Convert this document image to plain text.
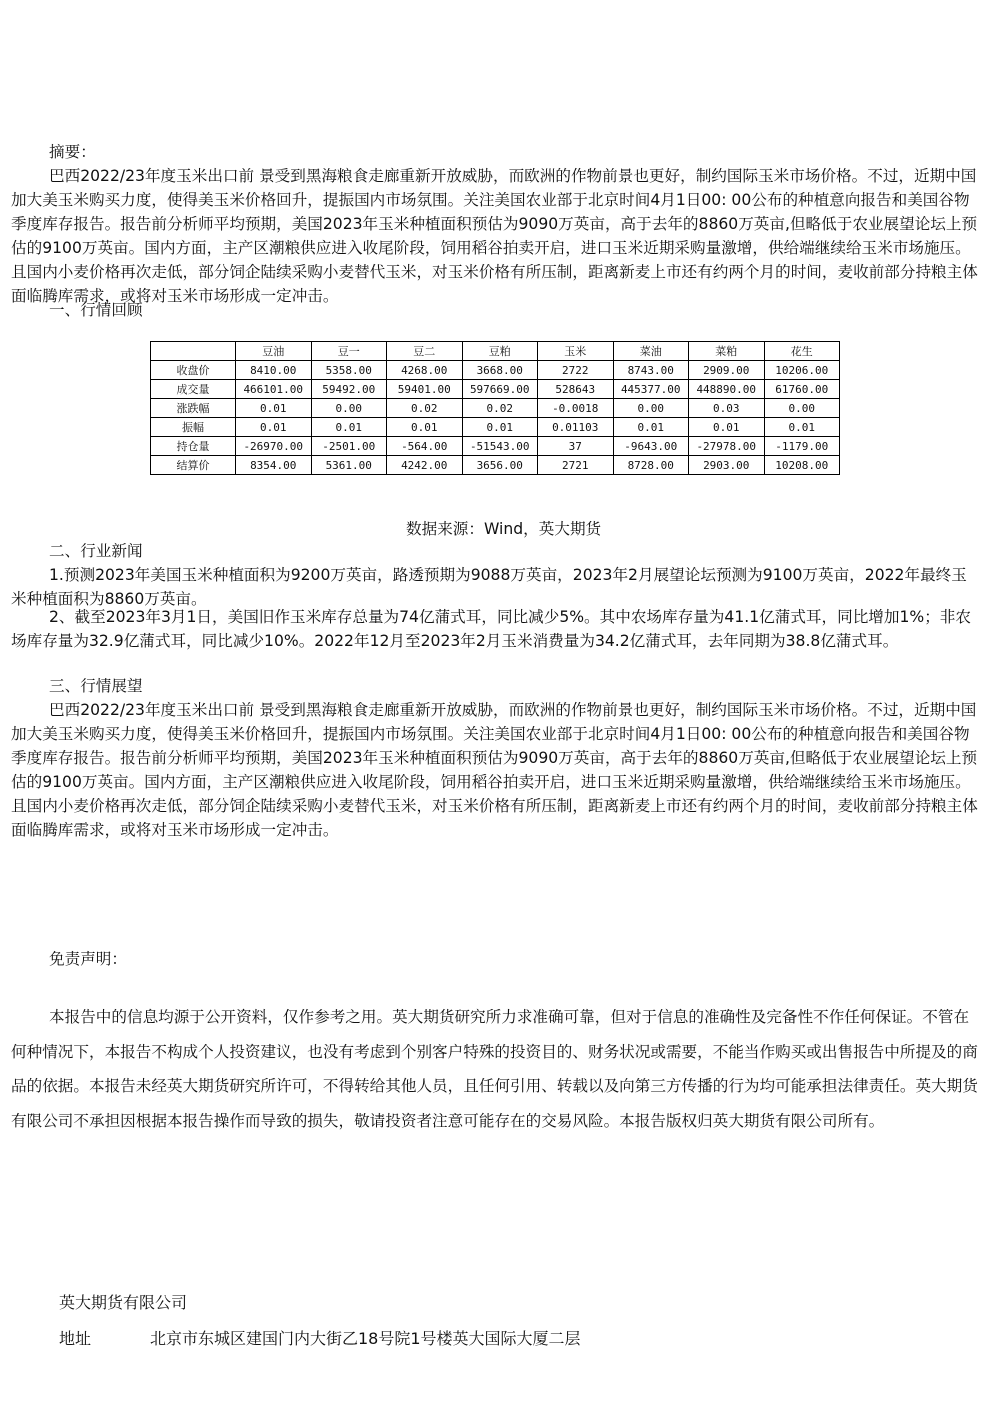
摘要：

巴西2022/23年度玉米出口前 景受到黑海粮食走廊重新开放威胁，而欧洲的作物前景也更好，制约国际玉米市场价格。不过，近期中国加大美玉米购买力度，使得美玉米价格回升，提振国内市场氛围。关注美国农业部于北京时间4月1日00: 00公布的种植意向报告和美国谷物季度库存报告。报告前分析师平均预期，美国2023年玉米种植面积预估为9090万英亩，高于去年的8860万英亩,但略低于农业展望论坛上预估的9100万英亩。国内方面，主产区潮粮供应进入收尾阶段，饲用稻谷拍卖开启，进口玉米近期采购量激增，供给端继续给玉米市场施压。且国内小麦价格再次走低，部分饲企陆续采购小麦替代玉米，对玉米价格有所压制，距离新麦上市还有约两个月的时间，麦收前部分持粮主体面临腾库需求，或将对玉米市场形成一定冲击。

一、行情回顾

	豆油	豆一	豆二	豆粕	玉米	菜油	菜粕	花生
收盘价	8410.00	5358.00	4268.00	3668.00	2722	8743.00	2909.00	10206.00
成交量	466101.00	59492.00	59401.00	597669.00	528643	445377.00	448890.00	61760.00
涨跌幅	0.01	0.00	0.02	0.02	-0.0018	0.00	0.03	0.00
振幅	0.01	0.01	0.01	0.01	0.01103	0.01	0.01	0.01
持仓量	-26970.00	-2501.00	-564.00	-51543.00	37	-9643.00	-27978.00	-1179.00
结算价	8354.00	5361.00	4242.00	3656.00	2721	8728.00	2903.00	10208.00

数据来源：Wind，英大期货

二、行业新闻

1.预测2023年美国玉米种植面积为9200万英亩，路透预期为9088万英亩，2023年2月展望论坛预测为9100万英亩，2022年最终玉米种植面积为8860万英亩。

2、截至2023年3月1日，美国旧作玉米库存总量为74亿蒲式耳，同比减少5%。其中农场库存量为41.1亿蒲式耳，同比增加1%；非农场库存量为32.9亿蒲式耳，同比减少10%。2022年12月至2023年2月玉米消费量为34.2亿蒲式耳，去年同期为38.8亿蒲式耳。

三、行情展望

巴西2022/23年度玉米出口前 景受到黑海粮食走廊重新开放威胁，而欧洲的作物前景也更好，制约国际玉米市场价格。不过，近期中国加大美玉米购买力度，使得美玉米价格回升，提振国内市场氛围。关注美国农业部于北京时间4月1日00: 00公布的种植意向报告和美国谷物季度库存报告。报告前分析师平均预期，美国2023年玉米种植面积预估为9090万英亩，高于去年的8860万英亩,但略低于农业展望论坛上预估的9100万英亩。国内方面，主产区潮粮供应进入收尾阶段，饲用稻谷拍卖开启，进口玉米近期采购量激增，供给端继续给玉米市场施压。且国内小麦价格再次走低，部分饲企陆续采购小麦替代玉米，对玉米价格有所压制，距离新麦上市还有约两个月的时间，麦收前部分持粮主体面临腾库需求，或将对玉米市场形成一定冲击。

免责声明：

本报告中的信息均源于公开资料，仅作参考之用。英大期货研究所力求准确可靠，但对于信息的准确性及完备性不作任何保证。不管在何种情况下，本报告不构成个人投资建议，也没有考虑到个别客户特殊的投资目的、财务状况或需要，不能当作购买或出售报告中所提及的商品的依据。本报告未经英大期货研究所许可，不得转给其他人员，且任何引用、转载以及向第三方传播的行为均可能承担法律责任。英大期货有限公司不承担因根据本报告操作而导致的损失，敬请投资者注意可能存在的交易风险。本报告版权归英大期货有限公司所有。

英大期货有限公司

地址	北京市东城区建国门内大街乙18号院1号楼英大国际大厦二层
